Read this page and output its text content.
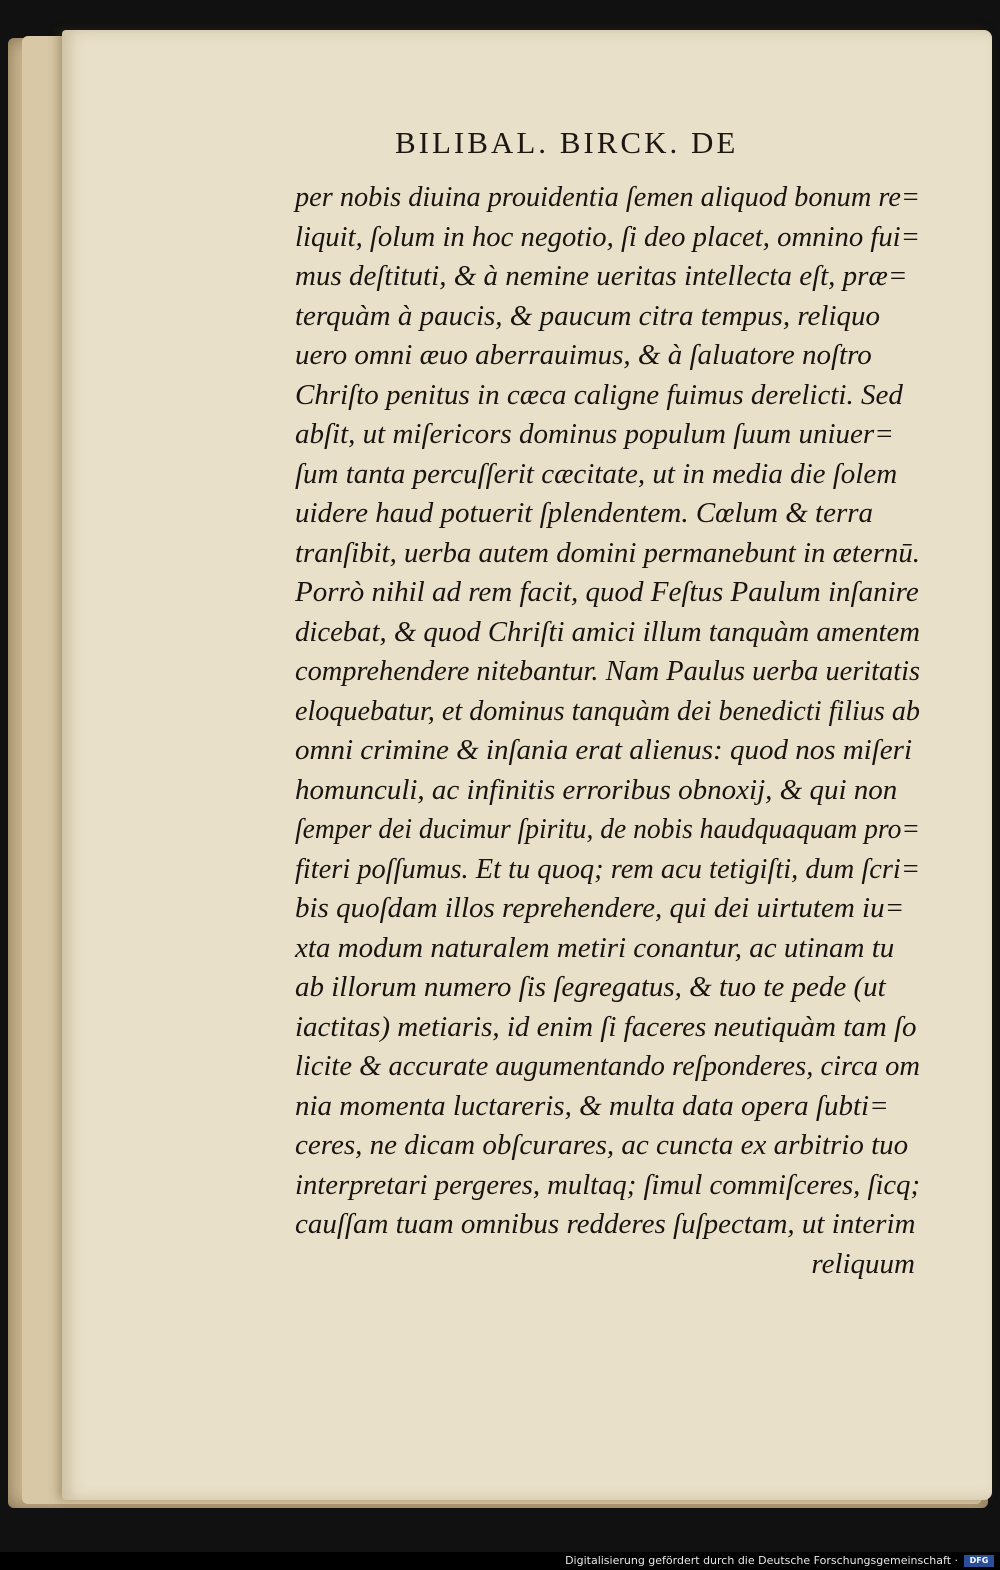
BILIBAL. BIRCK. DE
per nobis diuina prouidentia ſemen aliquod bonum re=
liquit, ſolum in hoc negotio, ſi deo placet, omnino fui=
mus deſtituti, & à nemine ueritas intellecta eſt, præ=
terquàm à paucis, & paucum citra tempus, reliquo
uero omni æuo aberrauimus, & à ſaluatore noſtro
Chriſto penitus in cæca caligne fuimus derelicti. Sed
abſit, ut miſericors dominus populum ſuum uniuer=
ſum tanta percuſſerit cæcitate, ut in media die ſolem
uidere haud potuerit ſplendentem. Cœlum & terra
tranſibit, uerba autem domini permanebunt in æternū.
Porrò nihil ad rem facit, quod Feſtus Paulum inſanire
dicebat, & quod Chriſti amici illum tanquàm amentem
comprehendere nitebantur. Nam Paulus uerba ueritatis
eloquebatur, et dominus tanquàm dei benedicti filius ab
omni crimine & inſania erat alienus: quod nos miſeri
homunculi, ac infinitis erroribus obnoxij, & qui non
ſemper dei ducimur ſpiritu, de nobis haudquaquam pro=
fiteri poſſumus. Et tu quoq; rem acu tetigiſti, dum ſcri=
bis quoſdam illos reprehendere, qui dei uirtutem iu=
xta modum naturalem metiri conantur, ac utinam tu
ab illorum numero ſis ſegregatus, & tuo te pede (ut
iactitas) metiaris, id enim ſi faceres neutiquàm tam ſo
licite & accurate augumentando reſponderes, circa om
nia momenta luctareris, & multa data opera ſubti=
ceres, ne dicam obſcurares, ac cuncta ex arbitrio tuo
interpretari pergeres, multaq; ſimul commiſceres, ſicq;
cauſſam tuam omnibus redderes ſuſpectam, ut interim
reliquum
Digitalisierung gefördert durch die Deutsche Forschungsgemeinschaft ·	DFG
